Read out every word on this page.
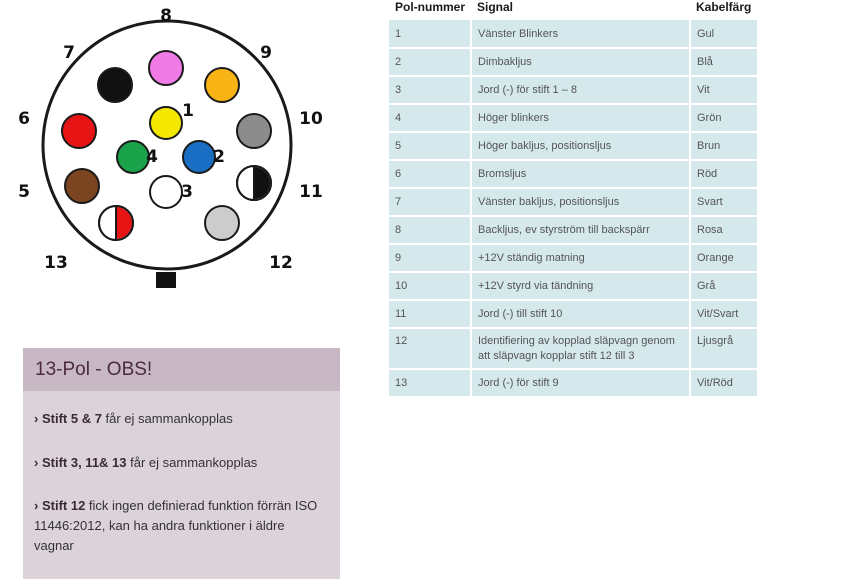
1
2
3
4
5
6
7
8
9
10
11
12
13
13-Pol - OBS!
› Stift 5 & 7 får ej sammankopplas
› Stift 3, 11& 13 får ej sammankopplas
› Stift 12 fick ingen definierad funktion förrän ISO 11446:2012, kan ha andra funktioner i äldre vagnar
Pol-nummer	Signal	Kabelfärg	
1	Vänster Blinkers	Gul	

2	Dimbakljus	Blå	

3	Jord (-) för stift 1 – 8	Vit	

4	Höger blinkers	Grön	

5	Höger bakljus, positionsljus	Brun	

6	Bromsljus	Röd	

7	Vänster bakljus, positionsljus	Svart	

8	Backljus, ev styrström till backspärr	Rosa	

9	+12V ständig matning	Orange	

10	+12V styrd via tändning	Grå	

11	Jord (-) till stift 10	Vit/Svart	

12	Identifiering av kopplad släpvagn genom att släpvagn kopplar stift 12 till 3	Ljusgrå	

13	Jord (-) för stift 9	Vit/Röd	
